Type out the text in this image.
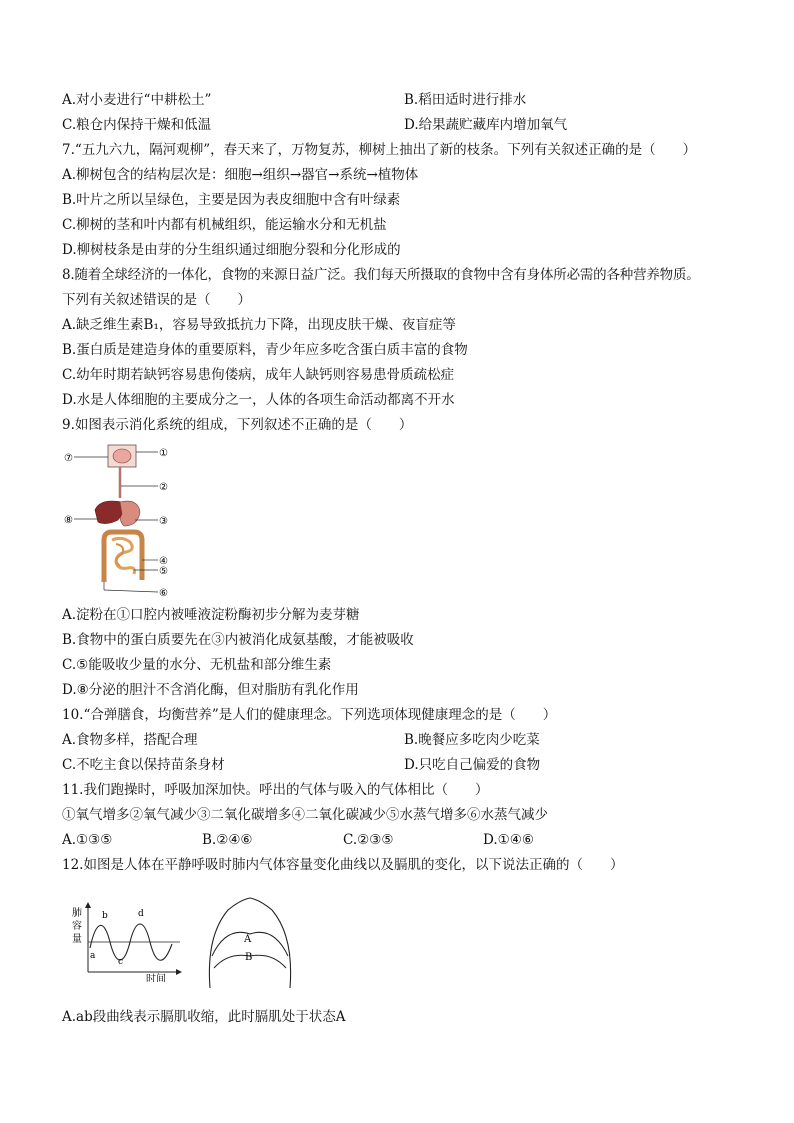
A.对小麦进行“中耕松土”	B.稻田适时进行排水
C.粮仓内保持干燥和低温	D.给果蔬贮藏库内增加氧气
7.“五九六九，隔河观柳”，春天来了，万物复苏，柳树上抽出了新的枝条。下列有关叙述正确的是（　　）
A.柳树包含的结构层次是：细胞→组织→器官→系统→植物体
B.叶片之所以呈绿色，主要是因为表皮细胞中含有叶绿素
C.柳树的茎和叶内都有机械组织，能运输水分和无机盐
D.柳树枝条是由芽的分生组织通过细胞分裂和分化形成的
8.随着全球经济的一体化，食物的来源日益广泛。我们每天所摄取的食物中含有身体所必需的各种营养物质。
下列有关叙述错误的是（　　）
A.缺乏维生素B₁，容易导致抵抗力下降，出现皮肤干燥、夜盲症等
B.蛋白质是建造身体的重要原料，青少年应多吃含蛋白质丰富的食物
C.幼年时期若缺钙容易患佝偻病，成年人缺钙则容易患骨质疏松症
D.水是人体细胞的主要成分之一，人体的各项生命活动都离不开水
9.如图表示消化系统的组成，下列叙述不正确的是（　　）
⑦	①
②
⑧	③
④
⑤
⑥
A.淀粉在①口腔内被唾液淀粉酶初步分解为麦芽糖
B.食物中的蛋白质要先在③内被消化成氨基酸，才能被吸收
C.⑤能吸收少量的水分、无机盐和部分维生素
D.⑧分泌的胆汁不含消化酶，但对脂肪有乳化作用
10.“合弹膳食，均衡营养”是人们的健康理念。下列选项体现健康理念的是（　　）
A.食物多样，搭配合理	B.晚餐应多吃肉少吃菜
C.不吃主食以保持苗条身材	D.只吃自己偏爱的食物
11.我们跑操时，呼吸加深加快。呼出的气体与吸入的气体相比（　　）
①氧气增多②氧气减少③二氧化碳增多④二氧化碳减少⑤水蒸气增多⑥水蒸气减少
A.①③⑤	B.②④⑥	C.②③⑤	D.①④⑥
12.如图是人体在平静呼吸时肺内气体容量变化曲线以及膈肌的变化，以下说法正确的（　　）
肺
容
量
a
b
c
d
时间
A
B
A.ab段曲线表示膈肌收缩，此时膈肌处于状态A
